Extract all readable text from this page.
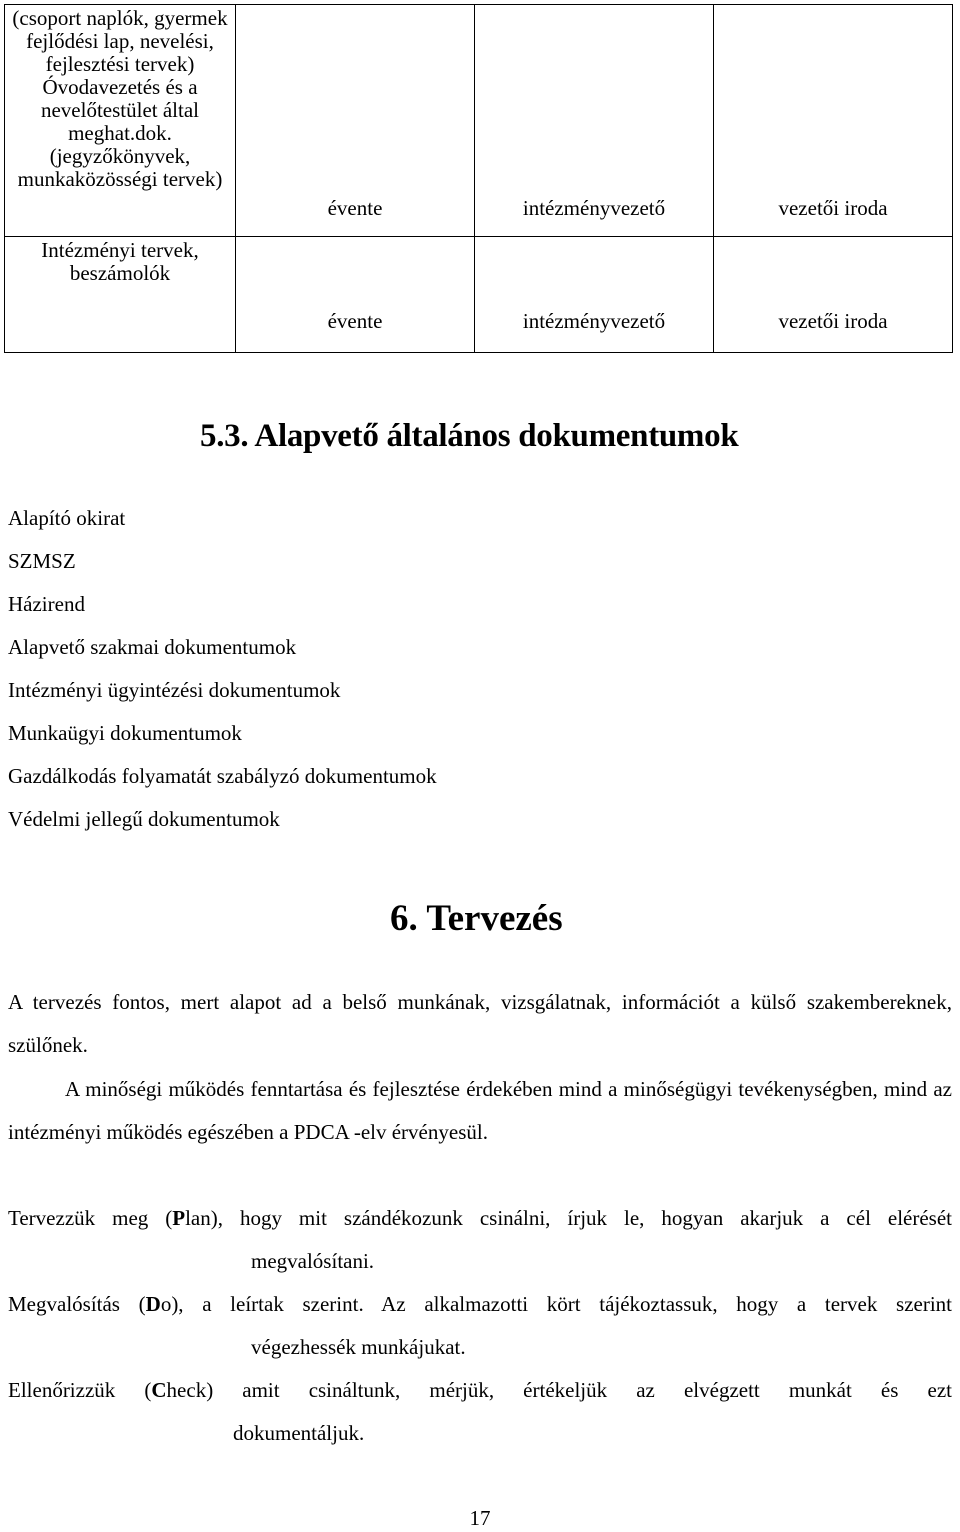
(csoport naplók, gyermek fejlődési lap, nevelési, fejlesztési tervek) Óvodavezetés és a nevelőtestület által meghat.dok. (jegyzőkönyvek, munkaközösségi tervek)	évente	intézményvezető	vezetői iroda

Intézményi tervek, beszámolók	évente	intézményvezető	vezetői iroda
5.3. Alapvető általános dokumentumok
Alapító okirat
SZMSZ
Házirend
Alapvető szakmai dokumentumok
Intézményi ügyintézési dokumentumok
Munkaügyi dokumentumok
Gazdálkodás folyamatát szabályzó dokumentumok
Védelmi jellegű dokumentumok
6. Tervezés

A tervezés fontos, mert alapot ad a belső munkának, vizsgálatnak, információt a külső szakembereknek, szülőnek.

A minőségi működés fenntartása és fejlesztése érdekében mind a minőségügyi tevékenységben, mind az intézményi működés egészében a PDCA -elv érvényesül.

Tervezzük meg (Plan), hogy mit szándékozunk csinálni, írjuk le, hogyan akarjuk a cél elérését
megvalósítani.
Megvalósítás (Do), a leírtak szerint. Az alkalmazotti kört tájékoztassuk, hogy a tervek szerint
végezhessék munkájukat.
Ellenőrizzük (Check) amit csináltunk, mérjük, értékeljük az elvégzett munkát és ezt
dokumentáljuk.
17
